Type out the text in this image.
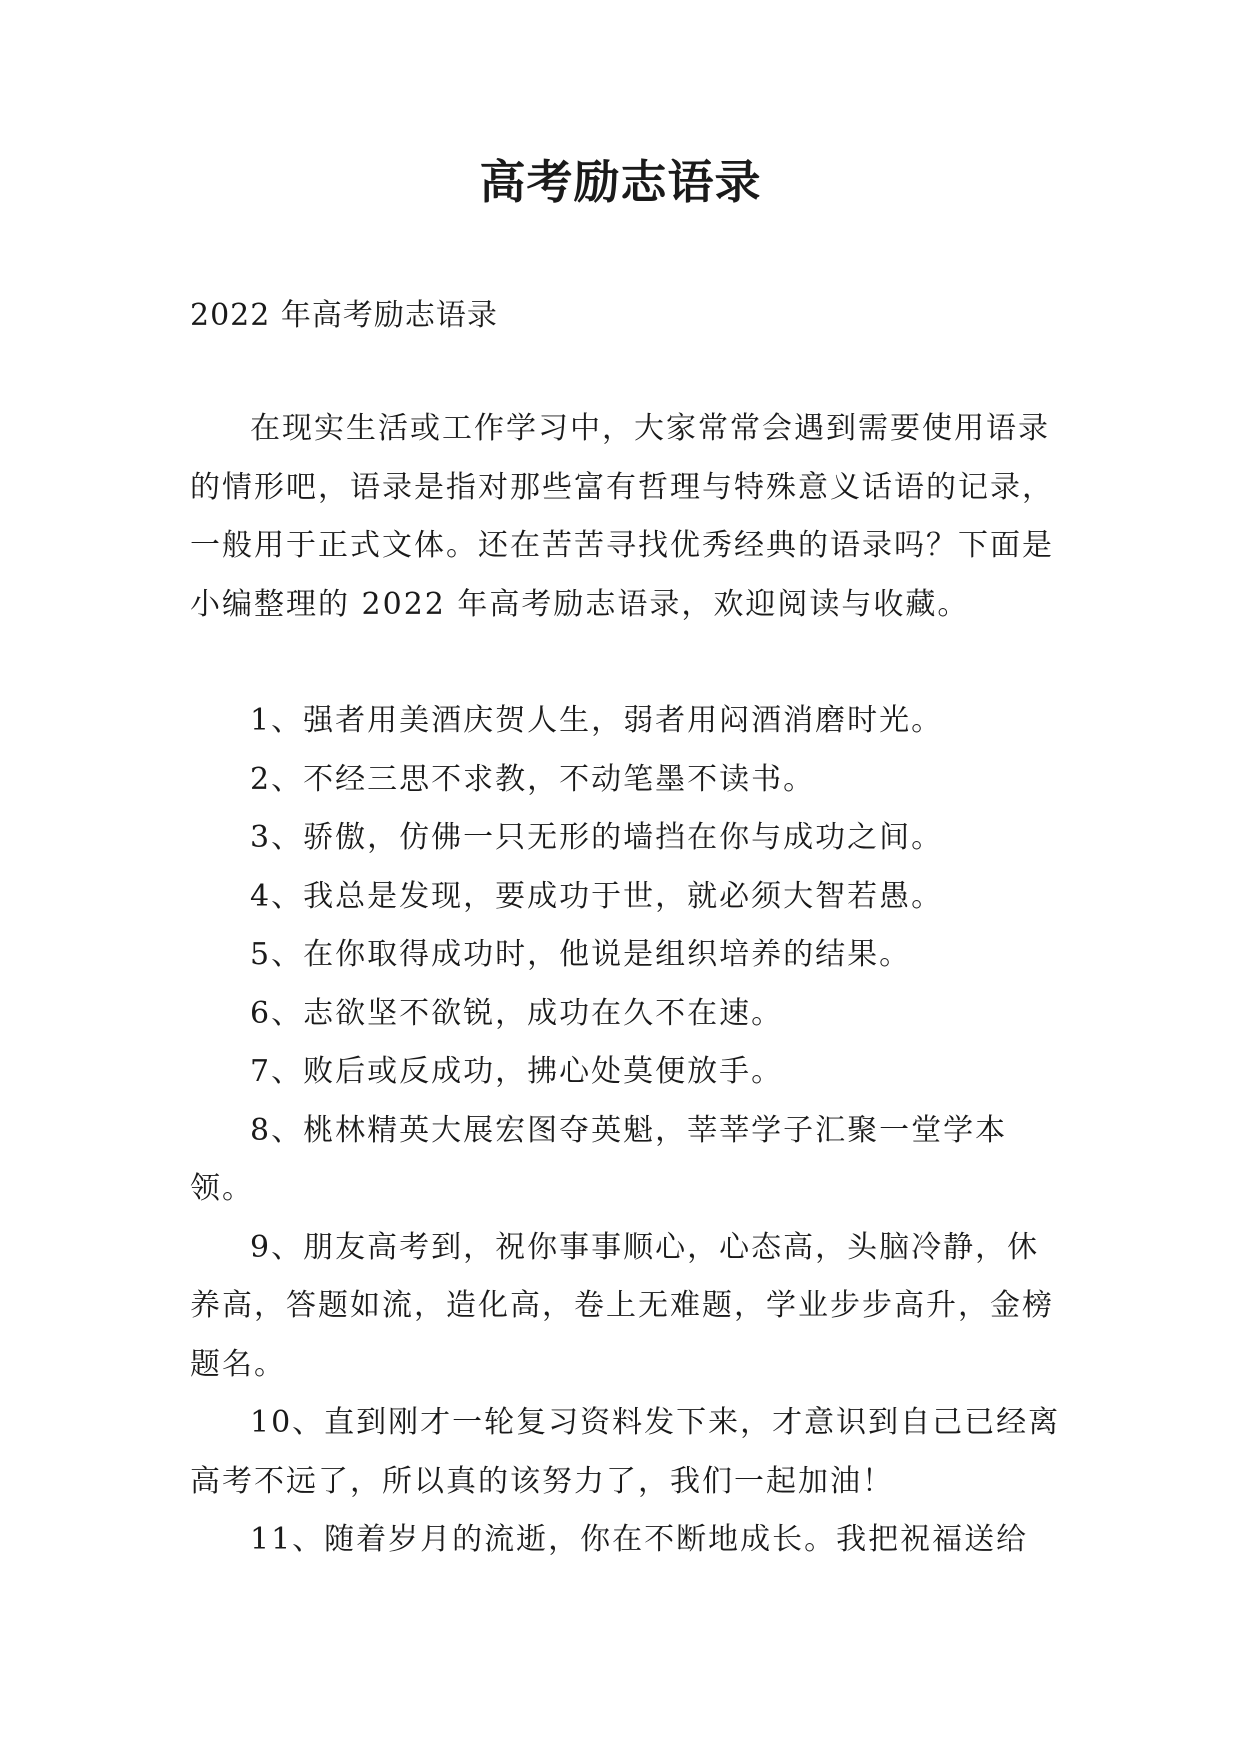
高考励志语录
2022 年高考励志语录

在现实生活或工作学习中，大家常常会遇到需要使用语录的情形吧，语录是指对那些富有哲理与特殊意义话语的记录，一般用于正式文体。还在苦苦寻找优秀经典的语录吗？下面是小编整理的 2022 年高考励志语录，欢迎阅读与收藏。

1、强者用美酒庆贺人生，弱者用闷酒消磨时光。

2、不经三思不求教，不动笔墨不读书。

3、骄傲，仿佛一只无形的墙挡在你与成功之间。

4、我总是发现，要成功于世，就必须大智若愚。

5、在你取得成功时，他说是组织培养的结果。

6、志欲坚不欲锐，成功在久不在速。

7、败后或反成功，拂心处莫便放手。

8、桃林精英大展宏图夺英魁，莘莘学子汇聚一堂学本领。

9、朋友高考到，祝你事事顺心，心态高，头脑冷静，休养高，答题如流，造化高，卷上无难题，学业步步高升，金榜题名。

10、直到刚才一轮复习资料发下来，才意识到自己已经离高考不远了，所以真的该努力了，我们一起加油！

11、随着岁月的流逝，你在不断地成长。我把祝福送给
